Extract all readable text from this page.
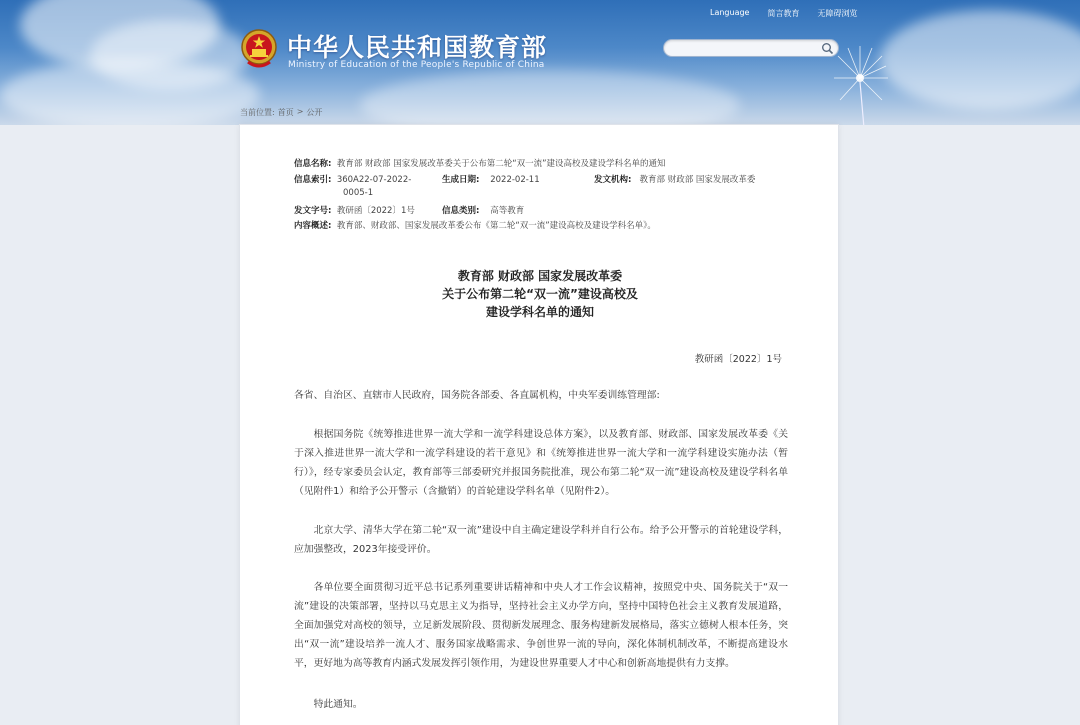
中华人民共和国教育部
Ministry of Education of the People's Republic of China
Language 简言教育 无障碍浏览
当前位置: 首页 > 公开
信息名称: 教育部 财政部 国家发展改革委关于公布第二轮“双一流”建设高校及建设学科名单的通知
信息索引: 360A22-07-2022-
0005-1
生成日期: 2022-02-11	发文机构: 教育部 财政部 国家发展改革委
发文字号: 教研函〔2022〕1号	信息类别: 高等教育
内容概述: 教育部、财政部、国家发展改革委公布《第二轮“双一流”建设高校及建设学科名单》。
教育部 财政部 国家发展改革委
关于公布第二轮“双一流”建设高校及
建设学科名单的通知
教研函〔2022〕1号
各省、自治区、直辖市人民政府，国务院各部委、各直属机构，中央军委训练管理部:
根据国务院《统筹推进世界一流大学和一流学科建设总体方案》，以及教育部、财政部、国家发展改革委《关于深入推进世界一流大学和一流学科建设的若干意见》和《统筹推进世界一流大学和一流学科建设实施办法（暂行）》，经专家委员会认定，教育部等三部委研究并报国务院批准，现公布第二轮“双一流”建设高校及建设学科名单（见附件1）和给予公开警示（含撤销）的首轮建设学科名单（见附件2）。
北京大学、清华大学在第二轮“双一流”建设中自主确定建设学科并自行公布。给予公开警示的首轮建设学科，应加强整改，2023年接受评价。
各单位要全面贯彻习近平总书记系列重要讲话精神和中央人才工作会议精神，按照党中央、国务院关于“双一流”建设的决策部署，坚持以马克思主义为指导，坚持社会主义办学方向，坚持中国特色社会主义教育发展道路，全面加强党对高校的领导，立足新发展阶段、贯彻新发展理念、服务构建新发展格局，落实立德树人根本任务，突出“双一流”建设培养一流人才、服务国家战略需求、争创世界一流的导向，深化体制机制改革，不断提高建设水平，更好地为高等教育内涵式发展发挥引领作用，为建设世界重要人才中心和创新高地提供有力支撑。
特此通知。
